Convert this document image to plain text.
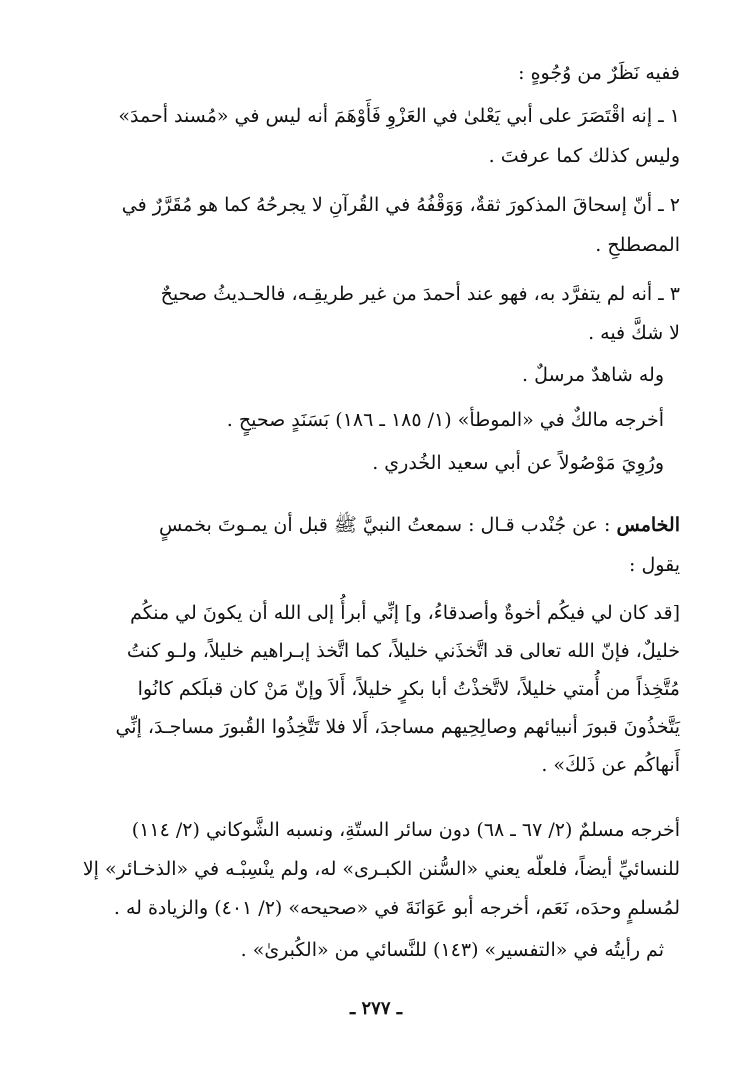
ففيه نَظَرٌ من وُجُوهٍ :
١ ـ إنه اقْتَصَرَ على أبي يَعْلىٰ في العَزْوِ فَأَوْهَمَ أنه ليس في «مُسند أحمدَ»
وليس كذلك كما عرفتَ .
٢ ـ أنّ إسحاقَ المذكورَ ثقةٌ، وَوَقْفُهُ في القُرآنِ لا يجرحُهُ كما هو مُقَرَّرٌ في
المصطلحِ .
٣ ـ أنه لم يتفرَّد به، فهو عند أحمدَ من غير طريقِـه، فالحـديثُ صحيحٌ
لا شكَّ فيه .
وله شاهدٌ مرسلٌ .
أخرجه مالكٌ في «الموطأ» (١/ ١٨٥ ـ ١٨٦) بَسَنَدٍ صحيحٍ .
ورُوِيَ مَوْصُولاً عن أبي سعيد الخُدري .
الخامس : عن جُنْدب قـال : سمعتُ النبيَّ ﷺ قبل أن يمـوتَ بخمسٍ
يقول :
[قد كان لي فيكُم أخوةٌ وأصدقاءُ، و] إنِّي أبرأُ إلى الله أن يكونَ لي منكُم
خليلٌ، فإنّ الله تعالى قد اتَّخذَني خليلاً، كما اتَّخذ إبـراهيم خليلاً، ولـو كنتُ
مُتَّخِذاً من أُمتي خليلاً، لاتَّخذْتُ أبا بكرٍ خليلاً، أَلاَ وإنّ مَنْ كان قبلَكم كانُوا
يَتَّخذُونَ قبورَ أنبيائهم وصالِحِيهم مساجدَ، أَلا فلا تَتَّخِذُوا القُبورَ مساجـدَ، إنِّي
أَنهاكُم عن ذَلكَ» .
أخرجه مسلمٌ (٢/ ٦٧ ـ ٦٨) دون سائر الستّةِ، ونسبه الشَّوكاني (٢/ ١١٤)
للنسائيِّ أيضاً، فلعلّه يعني «السُّنن الكبـرى» له، ولم ينْسِبْـه في «الذخـائر» إلا
لمُسلمٍ وحدَه، نَعَم، أخرجه أبو عَوَانَةَ في «صحيحه» (٢/ ٤٠١) والزيادة له .
ثم رأيتُه في «التفسير» (١٤٣) للنَّسائي من «الكُبرىٰ» .
ـ ٢٧٧ ـ
